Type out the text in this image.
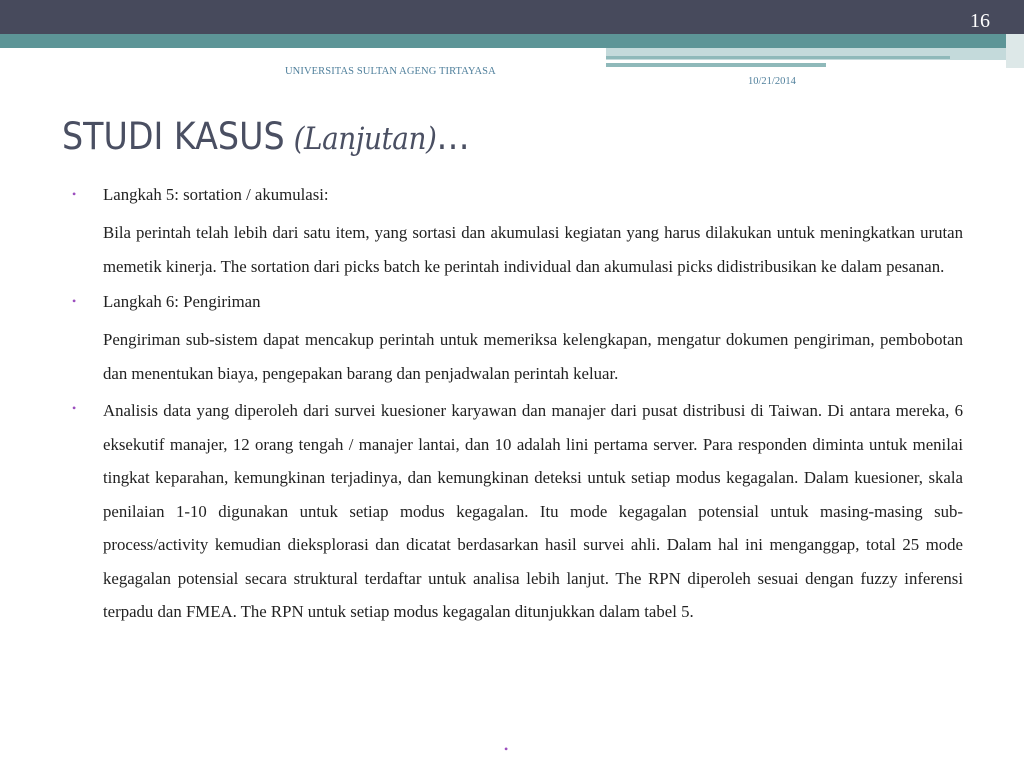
16
UNIVERSITAS SULTAN AGENG TIRTAYASA
10/21/2014
STUDI KASUS (Lanjutan)…
•	Langkah 5: sortation / akumulasi:
Bila perintah telah lebih dari satu item, yang sortasi dan akumulasi kegiatan yang harus dilakukan untuk meningkatkan urutan memetik kinerja. The sortation dari picks batch ke perintah individual dan akumulasi picks didistribusikan ke dalam pesanan.
•	Langkah 6: Pengiriman
Pengiriman sub-sistem dapat mencakup perintah untuk memeriksa kelengkapan, mengatur dokumen pengiriman, pembobotan dan menentukan biaya, pengepakan barang dan penjadwalan perintah keluar.
•	Analisis data yang diperoleh dari survei kuesioner karyawan dan manajer dari pusat distribusi di Taiwan. Di antara mereka, 6 eksekutif manajer, 12 orang tengah / manajer lantai, dan 10 adalah lini pertama server. Para responden diminta untuk menilai tingkat keparahan, kemungkinan terjadinya, dan kemungkinan deteksi untuk setiap modus kegagalan. Dalam kuesioner, skala penilaian 1-10 digunakan untuk setiap modus kegagalan. Itu mode kegagalan potensial untuk masing-masing sub-process/activity kemudian dieksplorasi dan dicatat berdasarkan hasil survei ahli. Dalam hal ini menganggap, total 25 mode kegagalan potensial secara struktural terdaftar untuk analisa lebih lanjut. The RPN diperoleh sesuai dengan fuzzy inferensi terpadu dan FMEA. The RPN untuk setiap modus kegagalan ditunjukkan dalam tabel 5.
•
